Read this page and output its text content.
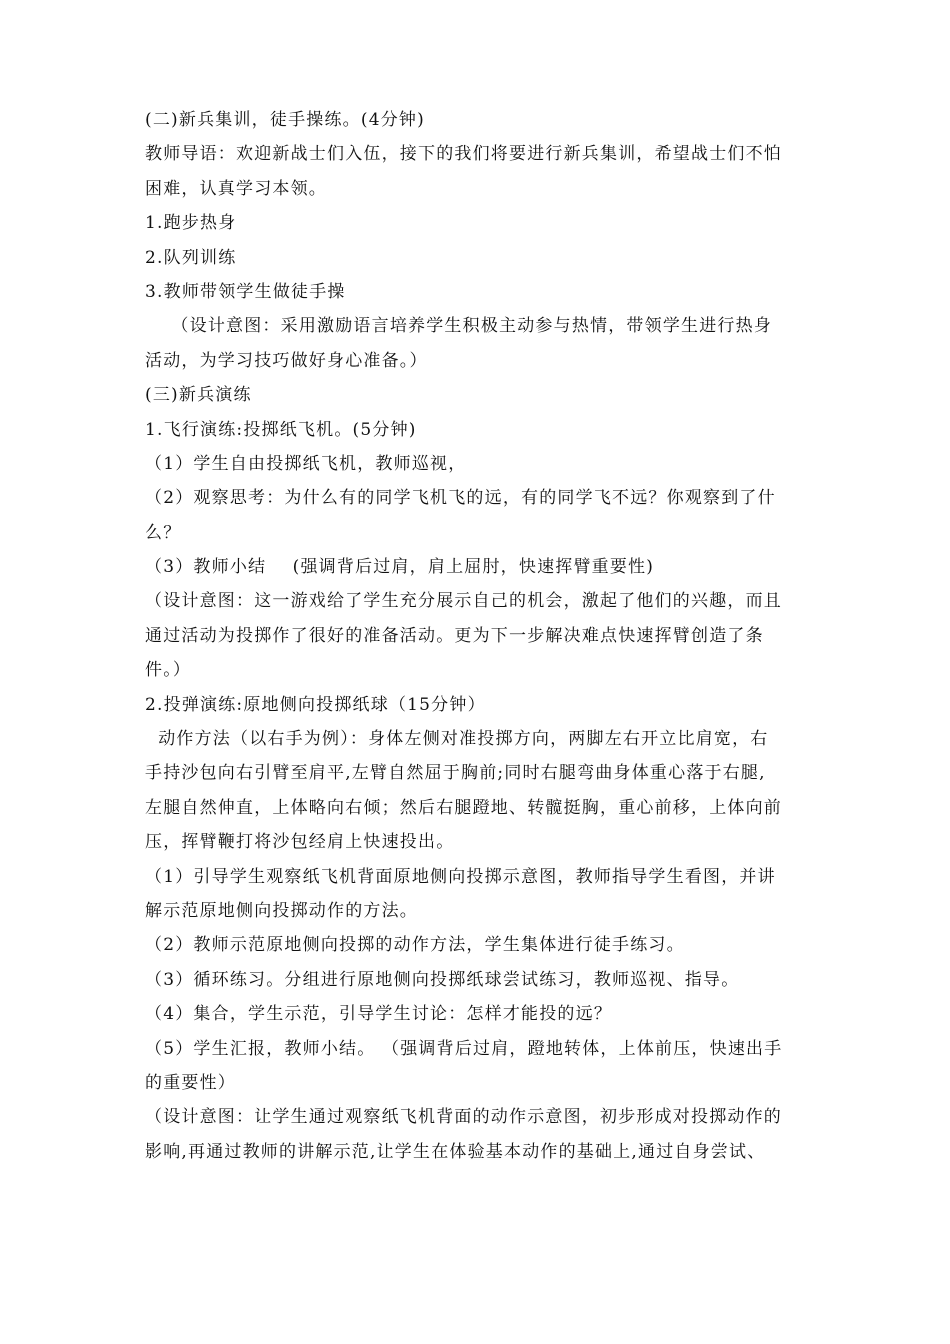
(二)新兵集训，徒手操练。(4分钟)
教师导语：欢迎新战士们入伍，接下的我们将要进行新兵集训，希望战士们不怕
困难，认真学习本领。
1.跑步热身
2.队列训练
3.教师带领学生做徒手操
（设计意图：采用激励语言培养学生积极主动参与热情，带领学生进行热身
活动，为学习技巧做好身心准备。）
(三)新兵演练
1.飞行演练:投掷纸飞机。(5分钟)
（1）学生自由投掷纸飞机，教师巡视，
（2）观察思考：为什么有的同学飞机飞的远，有的同学飞不远？你观察到了什
么？
（3）教师小结    (强调背后过肩，肩上屈肘，快速挥臂重要性)
（设计意图：这一游戏给了学生充分展示自己的机会，激起了他们的兴趣，而且
通过活动为投掷作了很好的准备活动。更为下一步解决难点快速挥臂创造了条
件。）
2.投弹演练:原地侧向投掷纸球（15分钟）
动作方法（以右手为例）：身体左侧对准投掷方向，两脚左右开立比肩宽，右
手持沙包向右引臂至肩平,左臂自然屈于胸前;同时右腿弯曲身体重心落于右腿,
左腿自然伸直，上体略向右倾；然后右腿蹬地、转髋挺胸，重心前移，上体向前
压，挥臂鞭打将沙包经肩上快速投出。
（1）引导学生观察纸飞机背面原地侧向投掷示意图，教师指导学生看图，并讲
解示范原地侧向投掷动作的方法。
（2）教师示范原地侧向投掷的动作方法，学生集体进行徒手练习。
（3）循环练习。分组进行原地侧向投掷纸球尝试练习，教师巡视、指导。
（4）集合，学生示范，引导学生讨论：怎样才能投的远？
（5）学生汇报，教师小结。 （强调背后过肩，蹬地转体，上体前压，快速出手
的重要性）
（设计意图：让学生通过观察纸飞机背面的动作示意图，初步形成对投掷动作的
影响,再通过教师的讲解示范,让学生在体验基本动作的基础上,通过自身尝试、
